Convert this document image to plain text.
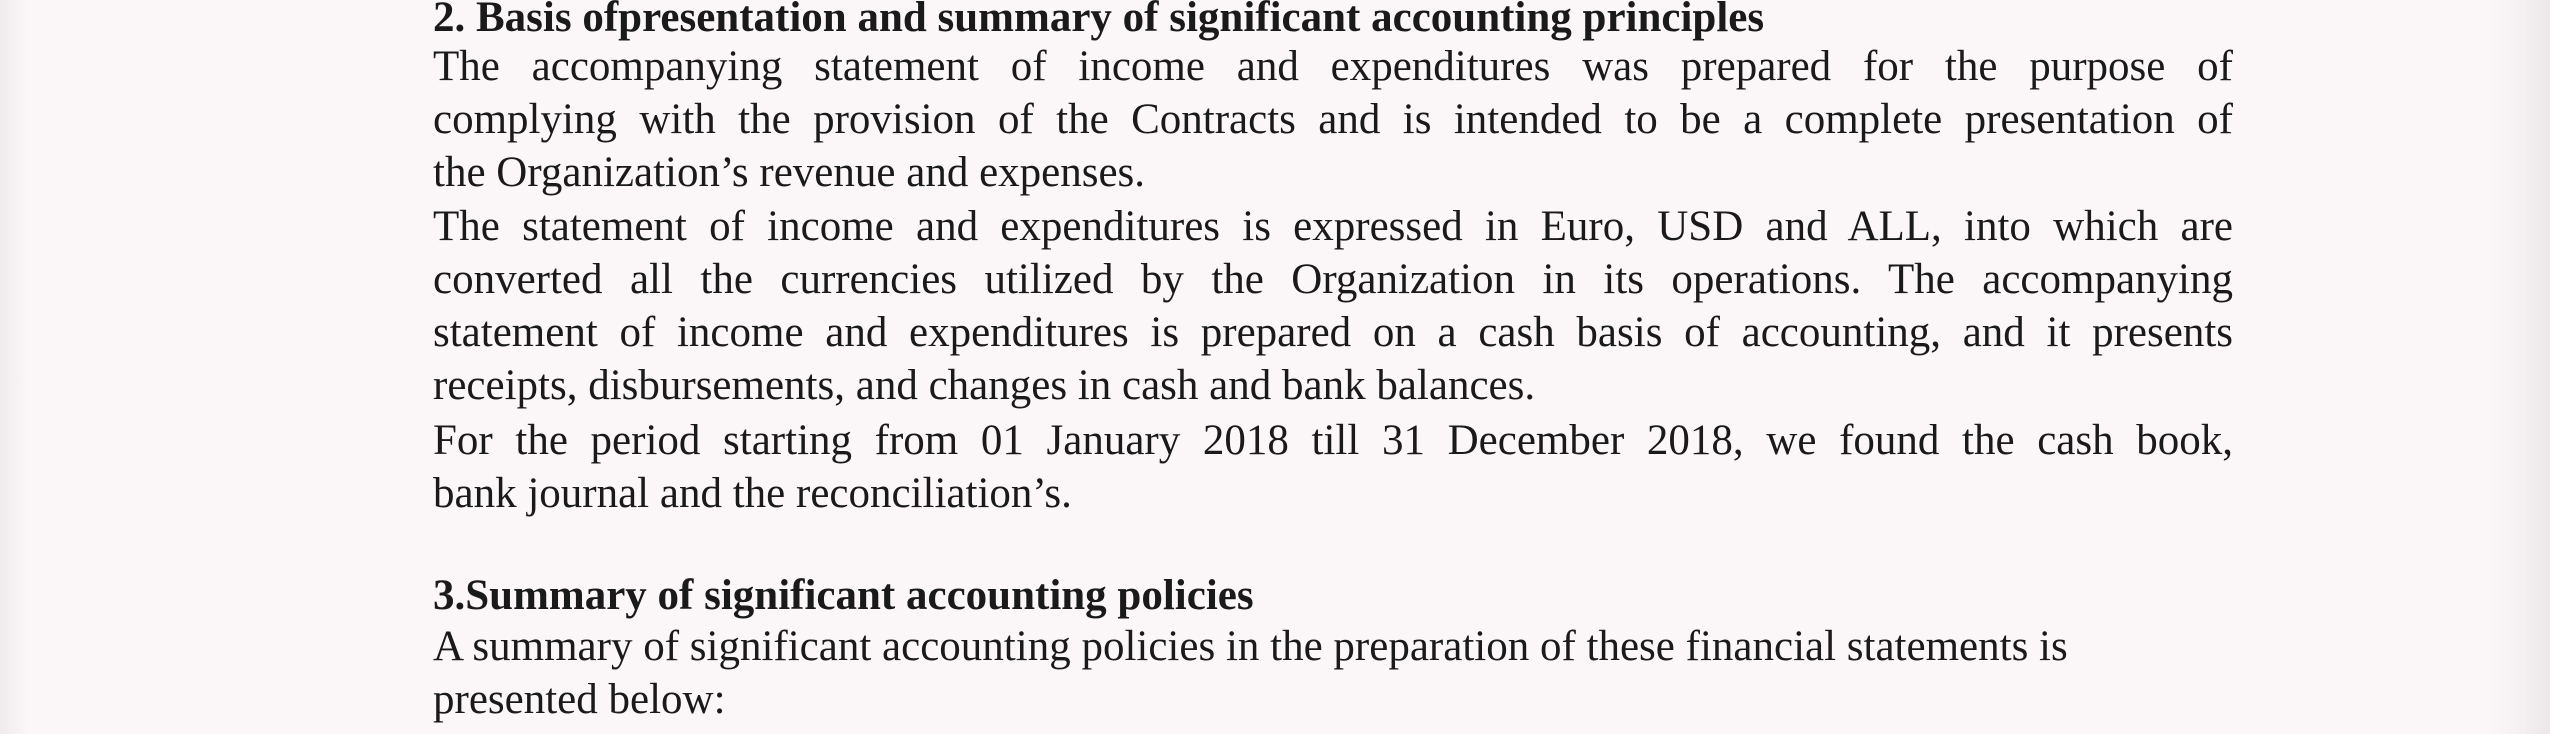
2. Basis ofpresentation and summary of significant accounting principles
The accompanying statement of income and expenditures was prepared for the purpose of
complying with the provision of the Contracts and is intended to be a complete presentation of
the Organization’s revenue and expenses.
The statement of income and expenditures is expressed in Euro, USD and ALL, into which are
converted all the currencies utilized by the Organization in its operations. The accompanying
statement of income and expenditures is prepared on a cash basis of accounting, and it presents
receipts, disbursements, and changes in cash and bank balances.
For the period starting from 01 January 2018 till 31 December 2018, we found the cash book,
bank journal and the reconciliation’s.
3.Summary of significant accounting policies
A summary of significant accounting policies in the preparation of these financial statements is
presented below:
